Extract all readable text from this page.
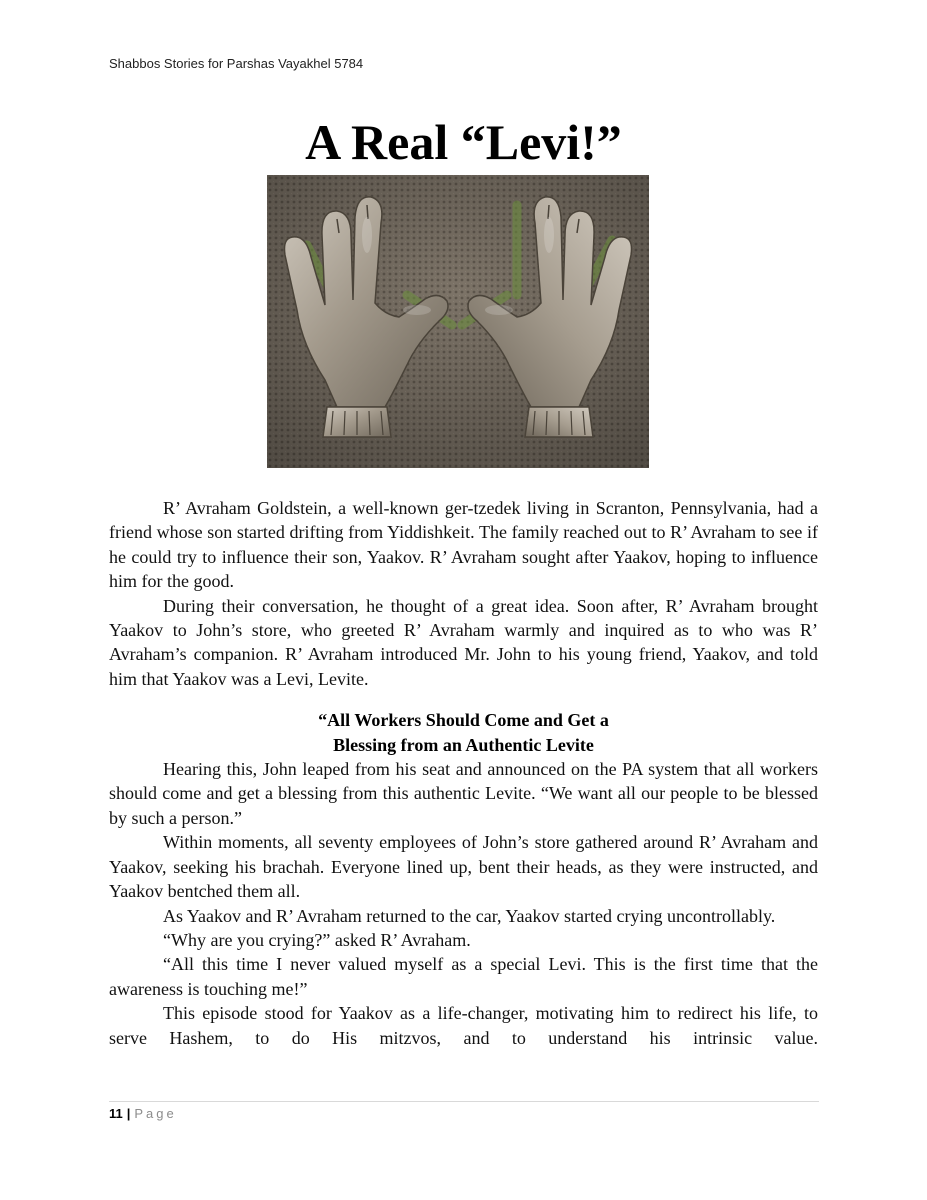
Shabbos Stories for Parshas Vayakhel 5784
A Real “Levi!”

R’ Avraham Goldstein, a well-known ger-tzedek living in Scranton, Pennsylvania, had a friend whose son started drifting from Yiddishkeit. The family reached out to R’ Avraham to see if he could try to influence their son, Yaakov. R’ Avraham sought after Yaakov, hoping to influence him for the good.

During their conversation, he thought of a great idea. Soon after, R’ Avraham brought Yaakov to John’s store, who greeted R’ Avraham warmly and inquired as to who was R’ Avraham’s companion. R’ Avraham introduced Mr. John to his young friend, Yaakov, and told him that Yaakov was a Levi, Levite.

“All Workers Should Come and Get a
Blessing from an Authentic Levite

Hearing this, John leaped from his seat and announced on the PA system that all workers should come and get a blessing from this authentic Levite. “We want all our people to be blessed by such a person.”

Within moments, all seventy employees of John’s store gathered around R’ Avraham and Yaakov, seeking his brachah. Everyone lined up, bent their heads, as they were instructed, and Yaakov bentched them all.

As Yaakov and R’ Avraham returned to the car, Yaakov started crying uncontrollably.

“Why are you crying?” asked R’ Avraham.

“All this time I never valued myself as a special Levi. This is the first time that the awareness is touching me!”

This episode stood for Yaakov as a life-changer, motivating him to redirect his life, to serve Hashem, to do His mitzvos, and to understand his intrinsic value.

11 | Page
